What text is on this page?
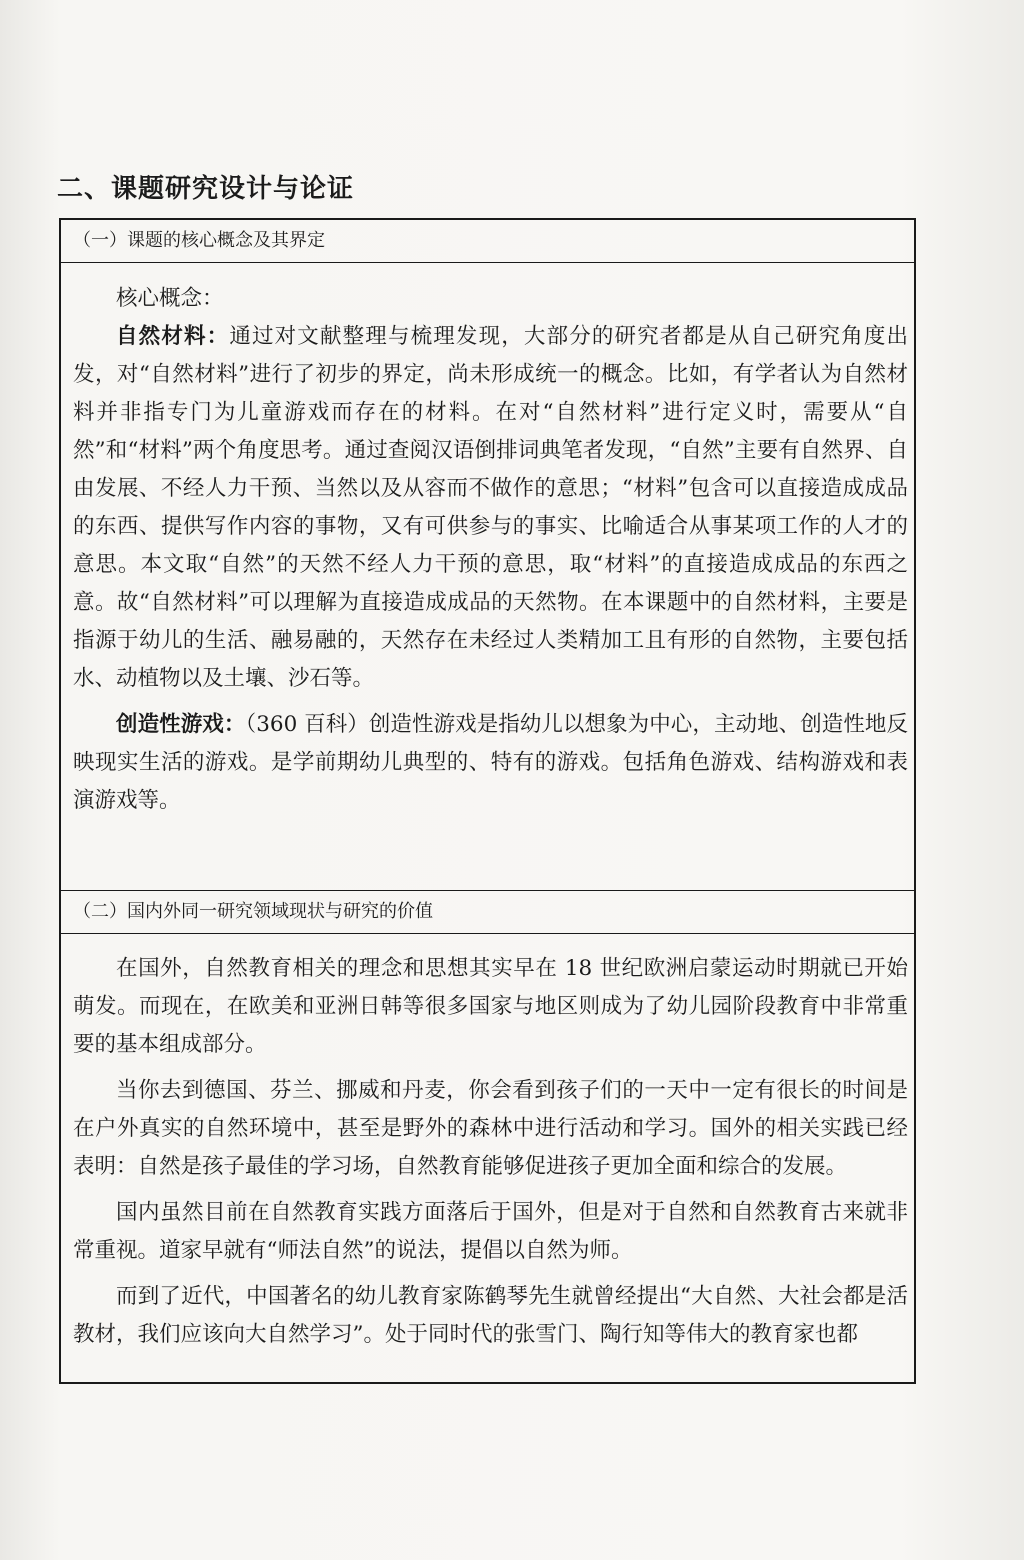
二、课题研究设计与论证
（一）课题的核心概念及其界定

核心概念：

自然材料：通过对文献整理与梳理发现，大部分的研究者都是从自己研究角度出发，对“自然材料”进行了初步的界定，尚未形成统一的概念。比如，有学者认为自然材料并非指专门为儿童游戏而存在的材料。在对“自然材料”进行定义时，需要从“自然”和“材料”两个角度思考。通过查阅汉语倒排词典笔者发现，“自然”主要有自然界、自由发展、不经人力干预、当然以及从容而不做作的意思；“材料”包含可以直接造成成品的东西、提供写作内容的事物，又有可供参与的事实、比喻适合从事某项工作的人才的意思。本文取“自然”的天然不经人力干预的意思，取“材料”的直接造成成品的东西之意。故“自然材料”可以理解为直接造成成品的天然物。在本课题中的自然材料，主要是指源于幼儿的生活、融易融的，天然存在未经过人类精加工且有形的自然物，主要包括水、动植物以及土壤、沙石等。

创造性游戏：（360 百科）创造性游戏是指幼儿以想象为中心，主动地、创造性地反映现实生活的游戏。是学前期幼儿典型的、特有的游戏。包括角色游戏、结构游戏和表演游戏等。

（二）国内外同一研究领域现状与研究的价值

在国外，自然教育相关的理念和思想其实早在 18 世纪欧洲启蒙运动时期就已开始萌发。而现在，在欧美和亚洲日韩等很多国家与地区则成为了幼儿园阶段教育中非常重要的基本组成部分。

当你去到德国、芬兰、挪威和丹麦，你会看到孩子们的一天中一定有很长的时间是在户外真实的自然环境中，甚至是野外的森林中进行活动和学习。国外的相关实践已经表明：自然是孩子最佳的学习场，自然教育能够促进孩子更加全面和综合的发展。

国内虽然目前在自然教育实践方面落后于国外，但是对于自然和自然教育古来就非常重视。道家早就有“师法自然”的说法，提倡以自然为师。

而到了近代，中国著名的幼儿教育家陈鹤琴先生就曾经提出“大自然、大社会都是活教材，我们应该向大自然学习”。处于同时代的张雪门、陶行知等伟大的教育家也都
